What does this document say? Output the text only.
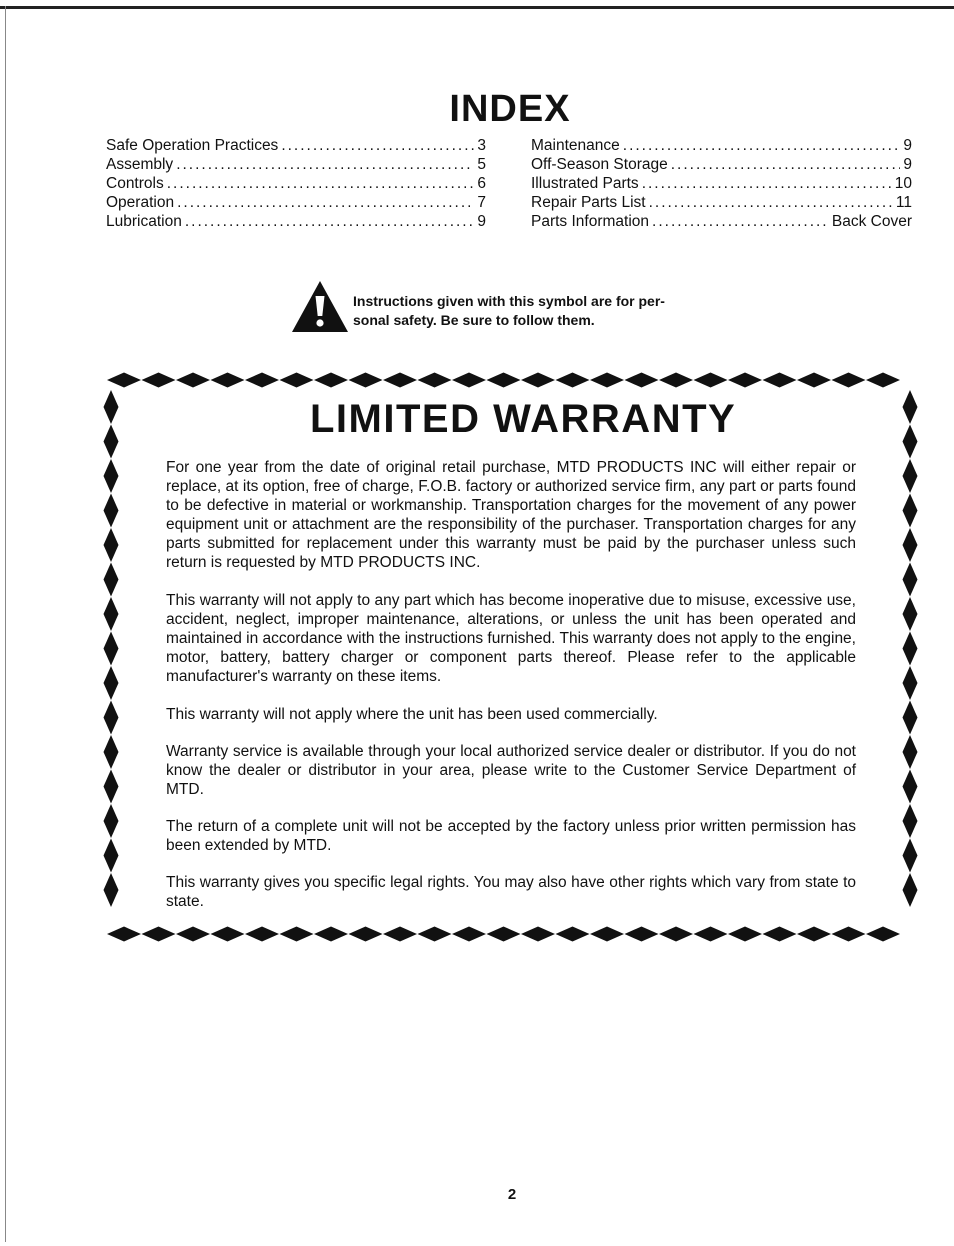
INDEX
Safe Operation Practices .....	3
Assembly .....	5
Controls .....	6
Operation .....	7
Lubrication .....	9
Maintenance .....	9
Off-Season Storage .....	9
Illustrated Parts .....	10
Repair Parts List .....	11
Parts Information .....	Back Cover
Instructions given with this symbol are for per-
sonal safety. Be sure to follow them.
LIMITED WARRANTY

For one year from the date of original retail purchase, MTD PRODUCTS INC will either repair or replace, at its option, free of charge, F.O.B. factory or authorized service firm, any part or parts found to be defective in material or workmanship. Transportation charges for the movement of any power equipment unit or attachment are the responsibility of the purchaser. Transportation charges for any parts submitted for replacement under this warranty must be paid by the purchaser unless such return is requested by MTD PRODUCTS INC.

This warranty will not apply to any part which has become inoperative due to misuse, excessive use, accident, neglect, improper maintenance, alterations, or unless the unit has been operated and maintained in accordance with the instructions furnished. This warranty does not apply to the engine, motor, battery, battery charger or component parts thereof. Please refer to the applicable manufacturer's warranty on these items.

This warranty will not apply where the unit has been used commercially.

Warranty service is available through your local authorized service dealer or distributor. If you do not know the dealer or distributor in your area, please write to the Customer Service Department of MTD.

The return of a complete unit will not be accepted by the factory unless prior written permission has been extended by MTD.

This warranty gives you specific legal rights. You may also have other rights which vary from state to state.

2
